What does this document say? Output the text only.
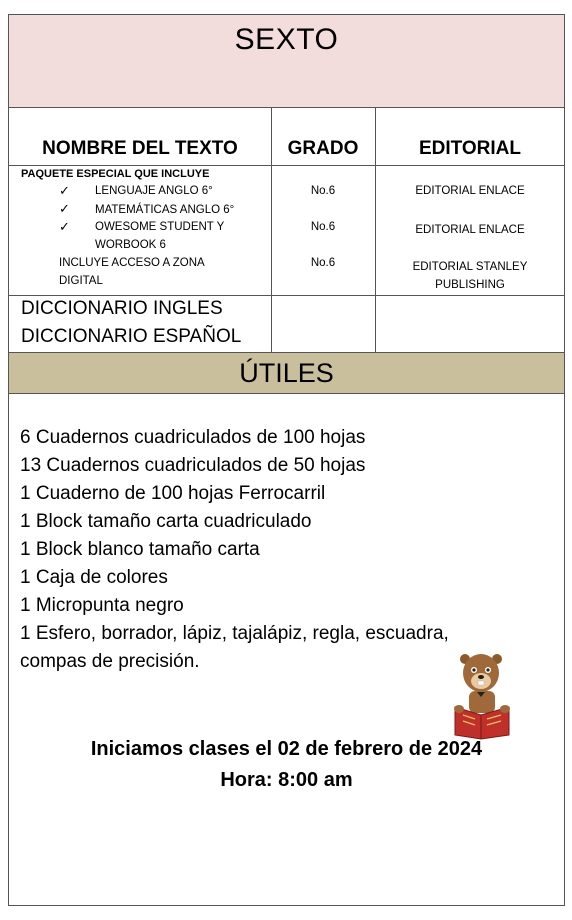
SEXTO
NOMBRE DEL TEXTO	GRADO	EDITORIAL
PAQUETE ESPECIAL QUE INCLUYE
✓ LENGUAJE ANGLO 6°
✓ MATEMÁTICAS ANGLO 6°
✓ OWESOME STUDENT Y
WORBOOK 6
INCLUYE ACCESO A ZONA
DIGITAL
No.6
No.6
No.6
EDITORIAL ENLACE
EDITORIAL ENLACE
EDITORIAL STANLEY
PUBLISHING
DICCIONARIO INGLES
DICCIONARIO ESPAÑOL
ÚTILES
6 Cuadernos cuadriculados de 100 hojas
13 Cuadernos cuadriculados de 50 hojas
1 Cuaderno de 100 hojas Ferrocarril
1 Block tamaño carta cuadriculado
1 Block blanco tamaño carta
1 Caja de colores
1 Micropunta negro
1 Esfero, borrador, lápiz, tajalápiz, regla, escuadra,
compas de precisión.
Iniciamos clases el 02 de febrero de 2024
Hora: 8:00 am
